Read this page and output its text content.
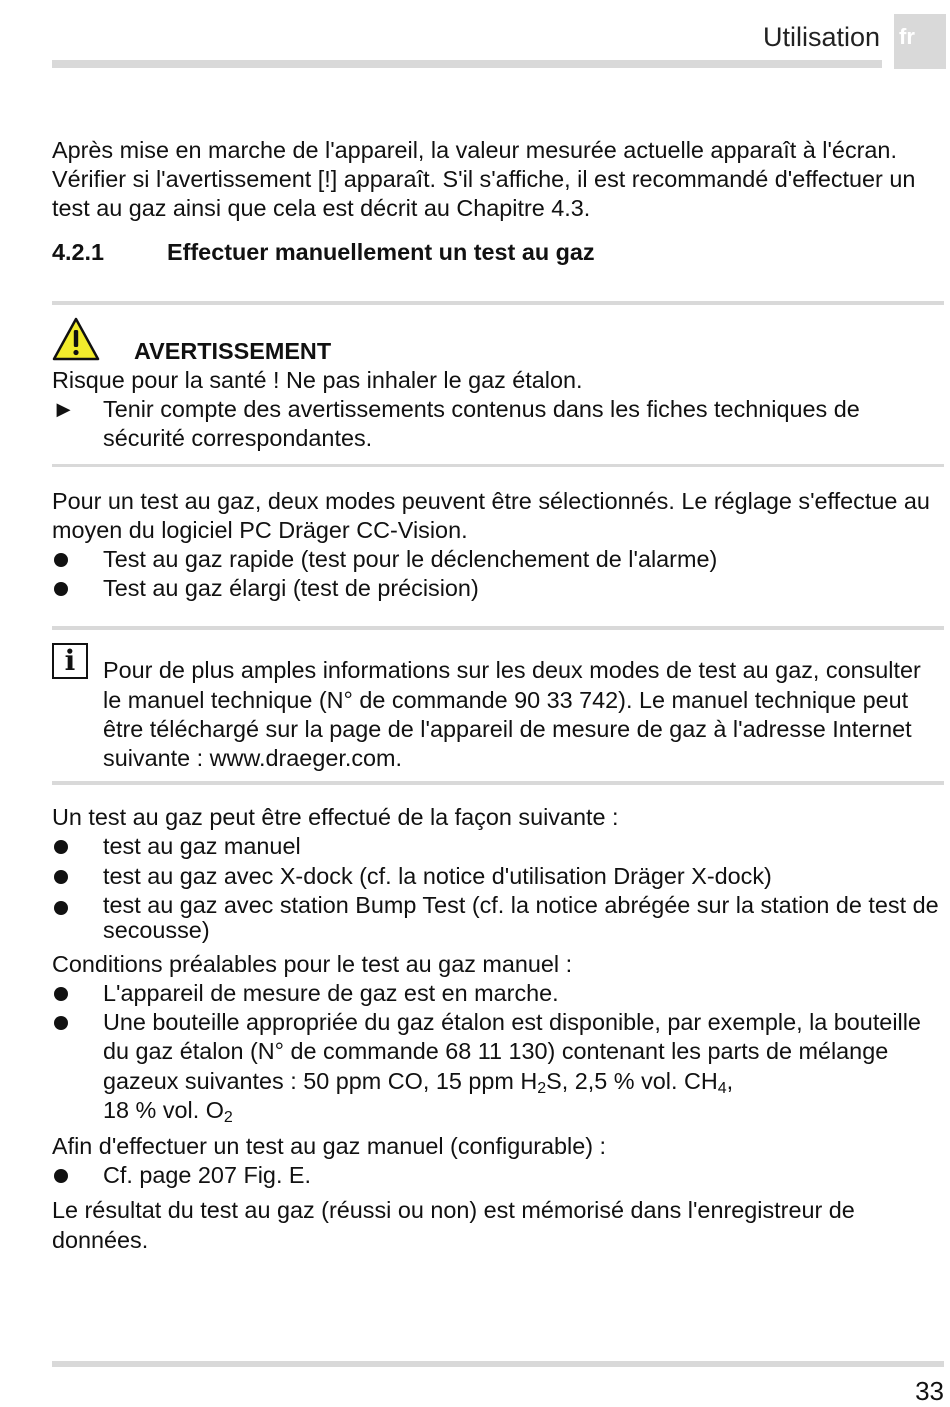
Utilisation fr

Après mise en marche de l'appareil, la valeur mesurée actuelle apparaît à l'écran.

Vérifier si l'avertissement [!] apparaît. S'il s'affiche, il est recommandé d'effectuer un test au gaz ainsi que cela est décrit au Chapitre 4.3.

4.2.1	Effectuer manuellement un test au gaz

AVERTISSEMENT

Risque pour la santé ! Ne pas inhaler le gaz étalon.

► Tenir compte des avertissements contenus dans les fiches techniques de sécurité correspondantes.

Pour un test au gaz, deux modes peuvent être sélectionnés. Le réglage s'effectue au moyen du logiciel PC Dräger CC-Vision.

Test au gaz rapide (test pour le déclenchement de l'alarme)
Test au gaz élargi (test de précision)
i	Pour de plus amples informations sur les deux modes de test au gaz, consulter le manuel technique (N° de commande 90 33 742). Le manuel technique peut être téléchargé sur la page de l'appareil de mesure de gaz à l'adresse Internet suivante : www.draeger.com.

Un test au gaz peut être effectué de la façon suivante :

test au gaz manuel
test au gaz avec X-dock (cf. la notice d'utilisation Dräger X-dock)
test au gaz avec station Bump Test (cf. la notice abrégée sur la station de test de secousse)

Conditions préalables pour le test au gaz manuel :

L'appareil de mesure de gaz est en marche.
Une bouteille appropriée du gaz étalon est disponible, par exemple, la bouteille du gaz étalon (N° de commande 68 11 130) contenant les parts de mélange gazeux suivantes : 50 ppm CO, 15 ppm $H_2S$, 2,5 % vol. $CH_4$,
18 % vol. $O_2$

Afin d'effectuer un test au gaz manuel (configurable) :

Cf. page 207 Fig. E.

Le résultat du test au gaz (réussi ou non) est mémorisé dans l'enregistreur de données.

33
